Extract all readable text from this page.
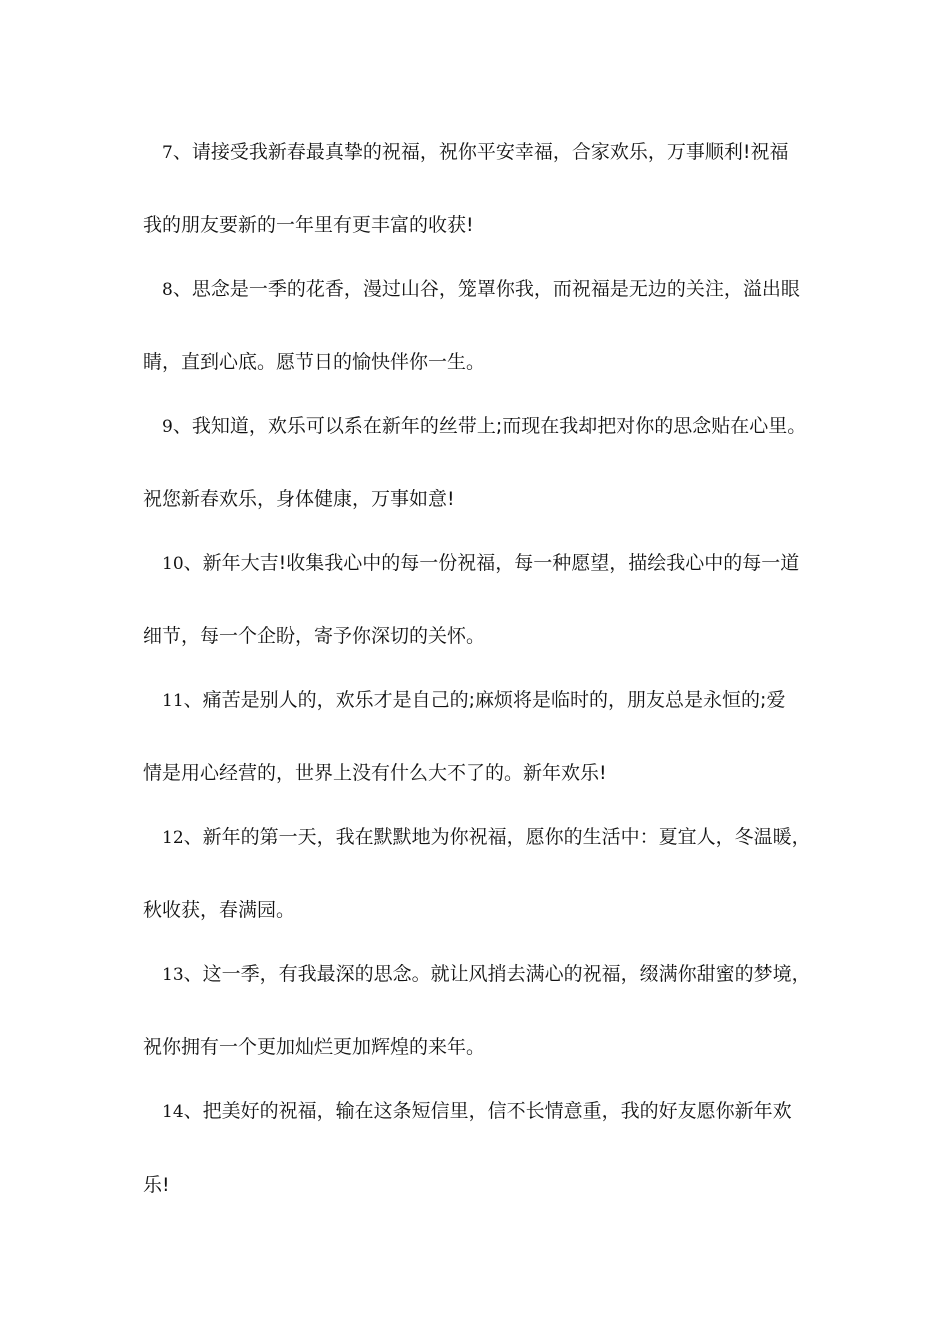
7、请接受我新春最真挚的祝福，祝你平安幸福，合家欢乐，万事顺利!祝福
我的朋友要新的一年里有更丰富的收获!
8、思念是一季的花香，漫过山谷，笼罩你我，而祝福是无边的关注，溢出眼
睛，直到心底。愿节日的愉快伴你一生。
9、我知道，欢乐可以系在新年的丝带上;而现在我却把对你的思念贴在心里。
祝您新春欢乐，身体健康，万事如意!
10、新年大吉!收集我心中的每一份祝福，每一种愿望，描绘我心中的每一道
细节，每一个企盼，寄予你深切的关怀。
11、痛苦是别人的，欢乐才是自己的;麻烦将是临时的，朋友总是永恒的;爱
情是用心经营的，世界上没有什么大不了的。新年欢乐!
12、新年的第一天，我在默默地为你祝福，愿你的生活中：夏宜人，冬温暖，
秋收获，春满园。
13、这一季，有我最深的思念。就让风捎去满心的祝福，缀满你甜蜜的梦境，
祝你拥有一个更加灿烂更加辉煌的来年。
14、把美好的祝福，输在这条短信里，信不长情意重，我的好友愿你新年欢
乐!
